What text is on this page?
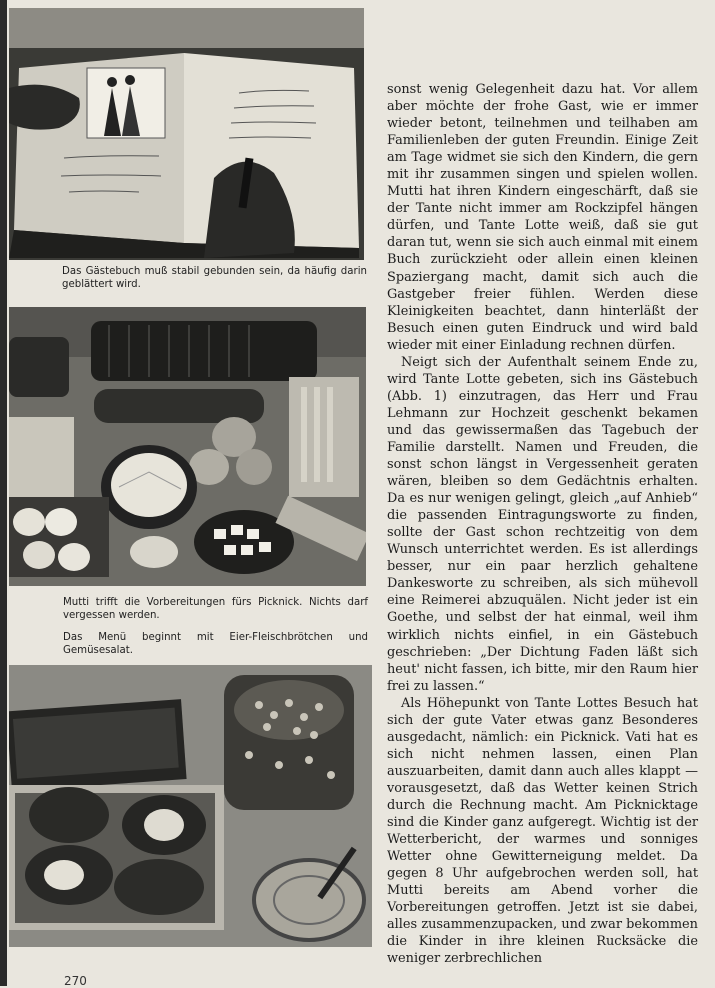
Das Gästebuch muß stabil gebunden sein, da häufig darin geblättert wird.
Mutti trifft die Vorbereitungen fürs Picknick. Nichts darf vergessen werden.
Das Menü beginnt mit Eier-Fleischbrötchen und Gemüsesalat.

sonst wenig Gelegenheit dazu hat. Vor allem aber möchte der frohe Gast, wie er immer wieder betont, teilnehmen und teilhaben am Familienleben der guten Freundin. Einige Zeit am Tage widmet sie sich den Kindern, die gern mit ihr zusammen singen und spielen wollen. Mutti hat ihren Kindern eingeschärft, daß sie der Tante nicht immer am Rockzipfel hängen dürfen, und Tante Lotte weiß, daß sie gut daran tut, wenn sie sich auch einmal mit einem Buch zurückzieht oder allein einen kleinen Spaziergang macht, damit sich auch die Gastgeber freier fühlen. Werden diese Kleinigkeiten beachtet, dann hinterläßt der Besuch einen guten Eindruck und wird bald wieder mit einer Einladung rechnen dürfen.

Neigt sich der Aufenthalt seinem Ende zu, wird Tante Lotte gebeten, sich ins Gästebuch (Abb. 1) einzutragen, das Herr und Frau Lehmann zur Hochzeit geschenkt bekamen und das gewissermaßen das Tagebuch der Familie darstellt. Namen und Freuden, die sonst schon längst in Vergessenheit geraten wären, bleiben so dem Gedächtnis erhalten. Da es nur wenigen gelingt, gleich „auf Anhieb“ die passenden Eintragungsworte zu finden, sollte der Gast schon rechtzeitig von dem Wunsch unterrichtet werden. Es ist allerdings besser, nur ein paar herzlich gehaltene Dankesworte zu schreiben, als sich mühevoll eine Reimerei abzuquälen. Nicht jeder ist ein Goethe, und selbst der hat einmal, weil ihm wirklich nichts einfiel, in ein Gästebuch geschrieben: „Der Dichtung Faden läßt sich heut' nicht fassen, ich bitte, mir den Raum hier frei zu lassen.“

Als Höhepunkt von Tante Lottes Besuch hat sich der gute Vater etwas ganz Besonderes ausgedacht, nämlich: ein Picknick. Vati hat es sich nicht nehmen lassen, einen Plan auszuarbeiten, damit dann auch alles klappt — vorausgesetzt, daß das Wetter keinen Strich durch die Rechnung macht. Am Picknicktage sind die Kinder ganz aufgeregt. Wichtig ist der Wetterbericht, der warmes und sonniges Wetter ohne Gewitterneigung meldet. Da gegen 8 Uhr aufgebrochen werden soll, hat Mutti bereits am Abend vorher die Vorbereitungen getroffen. Jetzt ist sie dabei, alles zusammenzupacken, und zwar bekommen die Kinder in ihre kleinen Rucksäcke die weniger zerbrechlichen

270
